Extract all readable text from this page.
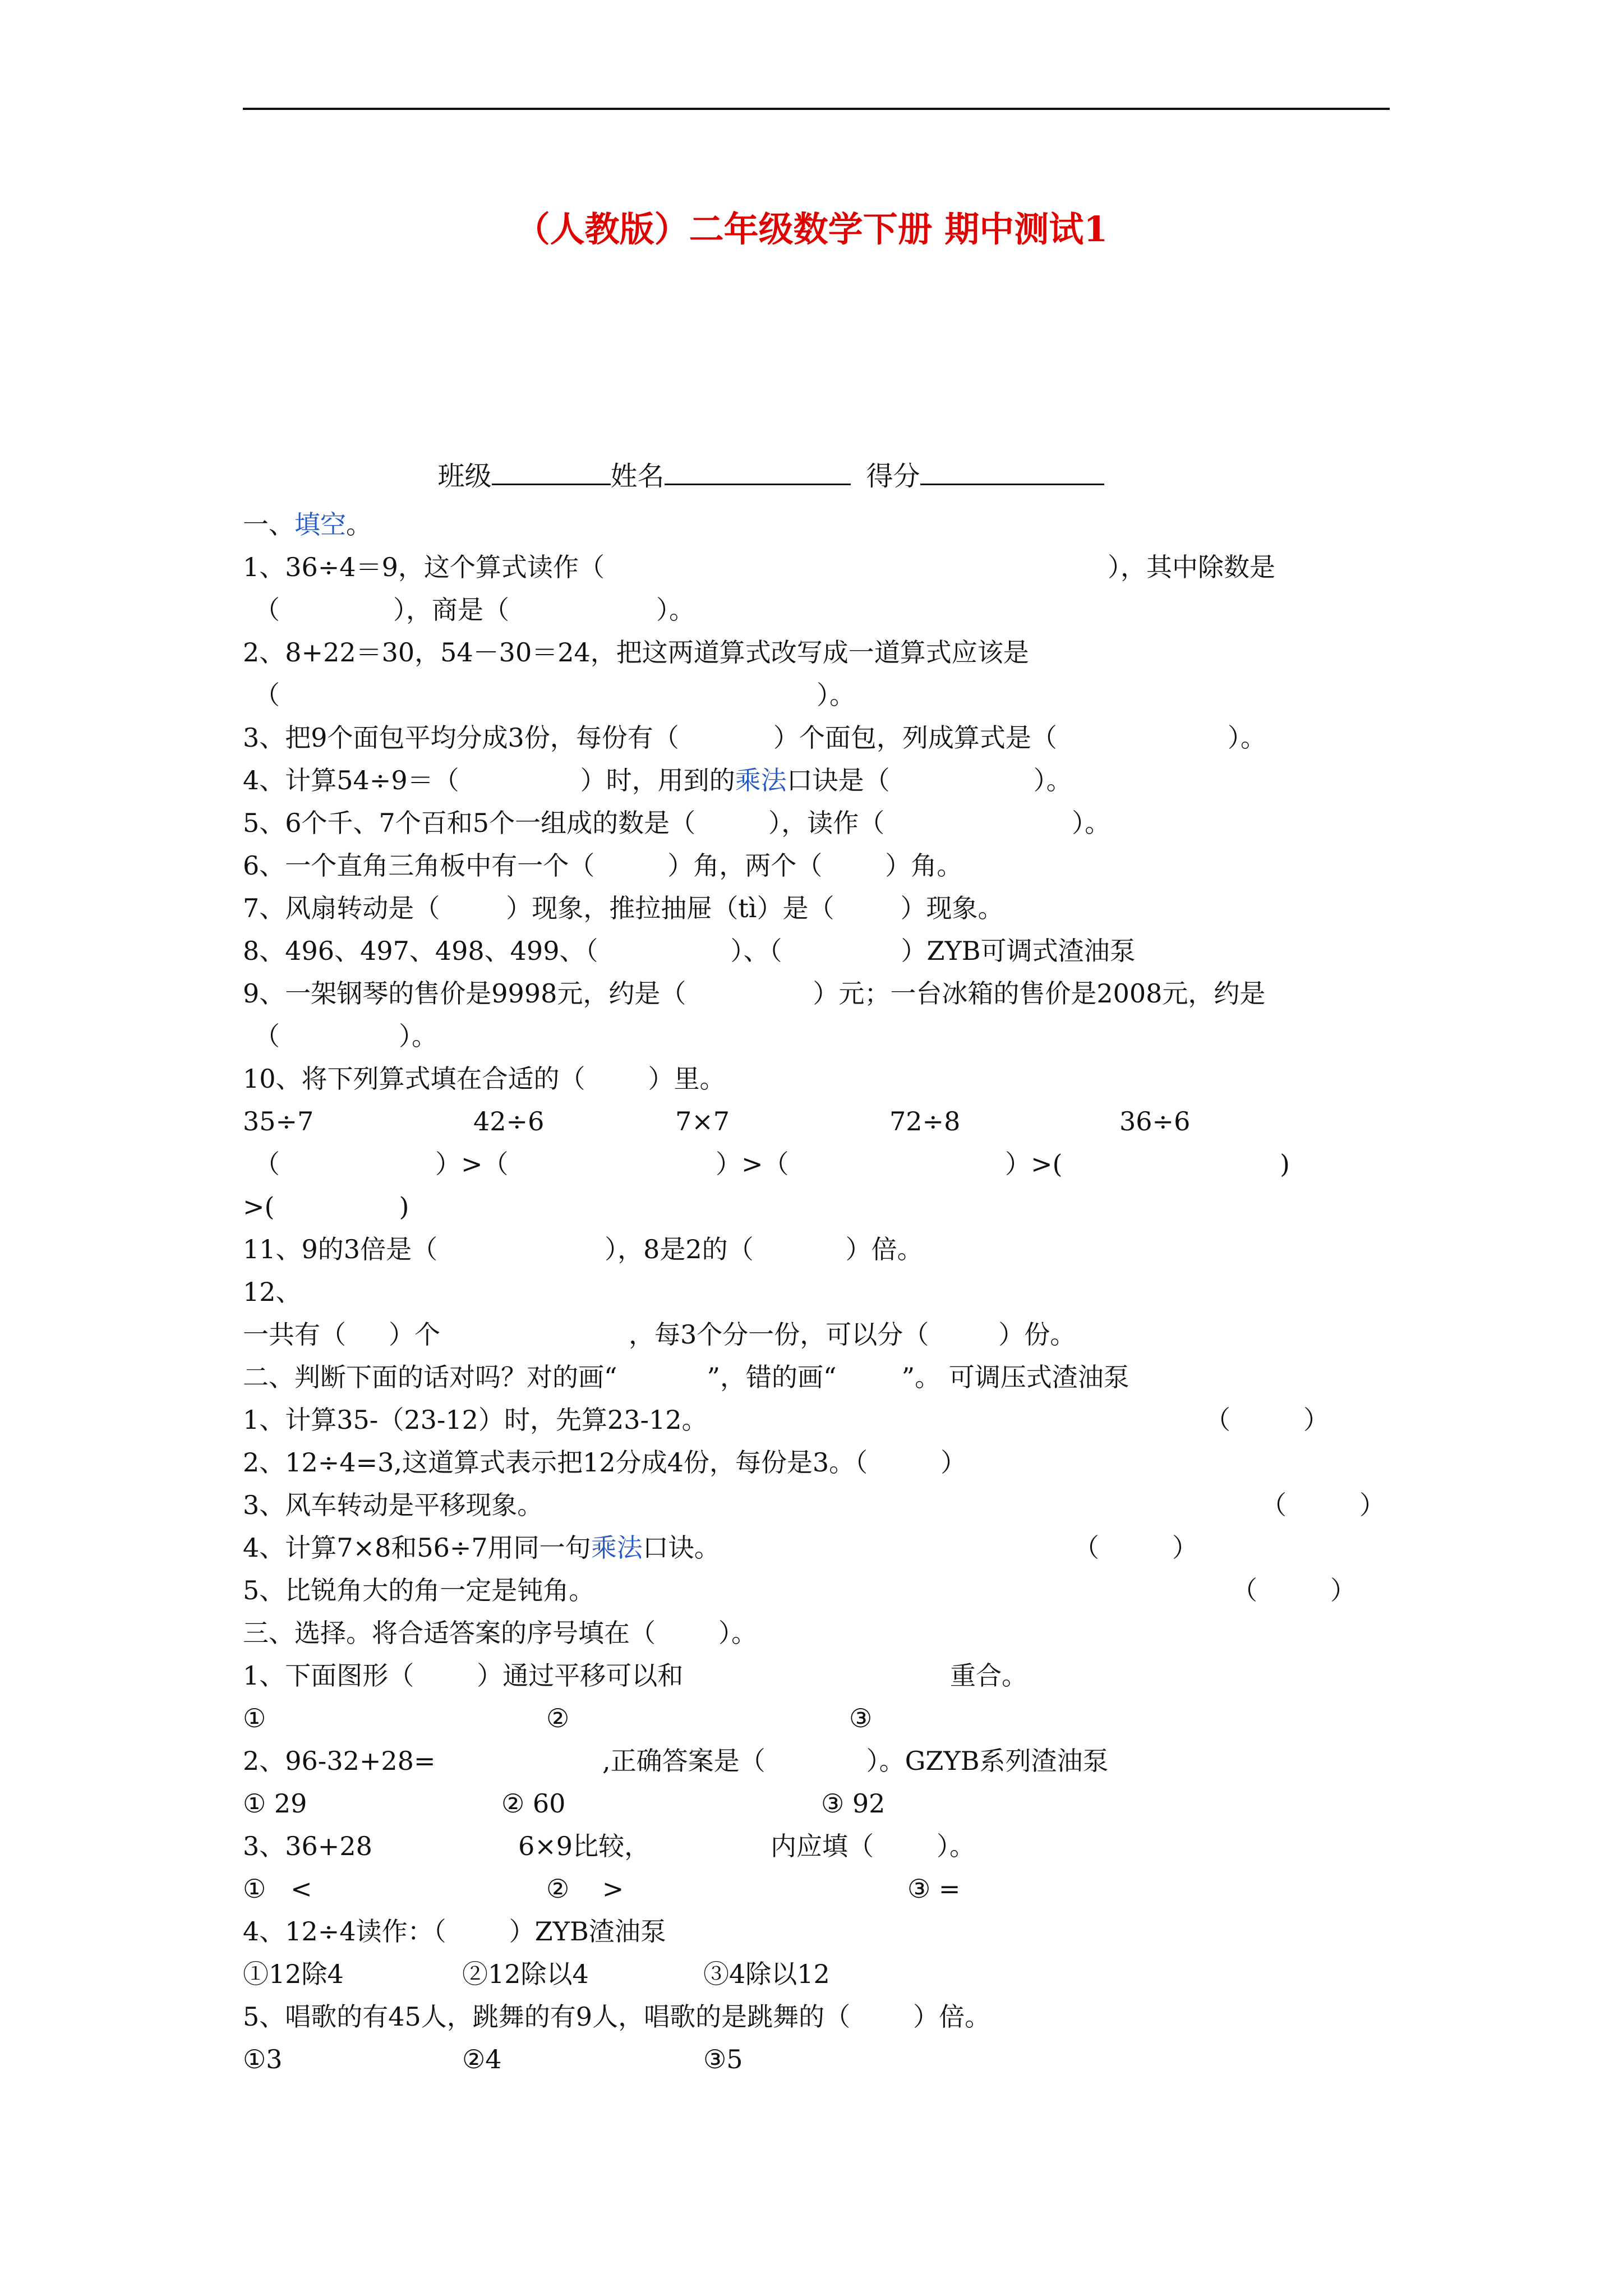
（人教版）二年级数学下册 期中测试1

班级	姓名	得分

一、填空。
1、36÷4＝9，这个算式读作（	），其中除数是
（	），商是（	）。
2、8+22＝30，54－30＝24，把这两道算式改写成一道算式应该是
（	）。
3、把9个面包平均分成3份，每份有（	）个面包，列成算式是（	）。
4、计算54÷9＝（	）时，用到的乘法口诀是（	）。
5、6个千、7个百和5个一组成的数是（	），读作（	）。
6、一个直角三角板中有一个（	）角，两个（ ）角。
7、风扇转动是（	）现象，推拉抽屉（tì）是（	）现象。
8、496、497、498、499、（	）、（	）ZYB可调式渣油泵
9、一架钢琴的售价是9998元，约是（	）元；一台冰箱的售价是2008元，约是
（	）。
10、将下列算式填在合适的（ ）里。
35÷7	42÷6	7×7	72÷8	36÷6
（	）>（	）>（	）>(	)
>(	)
11、9的3倍是（	），8是2的（	）倍。
12、
一共有（ ）个	，每3个分一份，可以分（	）份。
二、判断下面的话对吗？对的画“	”，错的画“	”。 可调压式渣油泵
1、计算35-（23-12）时，先算23-12。	（	）
2、12÷4=3,这道算式表示把12分成4份，每份是3。（	）
3、风车转动是平移现象。	（	）
4、计算7×8和56÷7用同一句乘法口诀。	（	）
5、比锐角大的角一定是钝角。	（	）
三、选择。将合适答案的序号填在（ ）。
1、下面图形（ ）通过平移可以和	重合。
①	②	③
2、96-32+28=	,正确答案是（	）。GZYB系列渣油泵
① 29	② 60	③ 92
3、36+28	6×9比较，	内应填（ ）。
①   <	②    >	③ =
4、12÷4读作：（ ）ZYB渣油泵
①12除4	②12除以4	③4除以12
5、唱歌的有45人，跳舞的有9人，唱歌的是跳舞的（ ）倍。
①3	②4	③5
